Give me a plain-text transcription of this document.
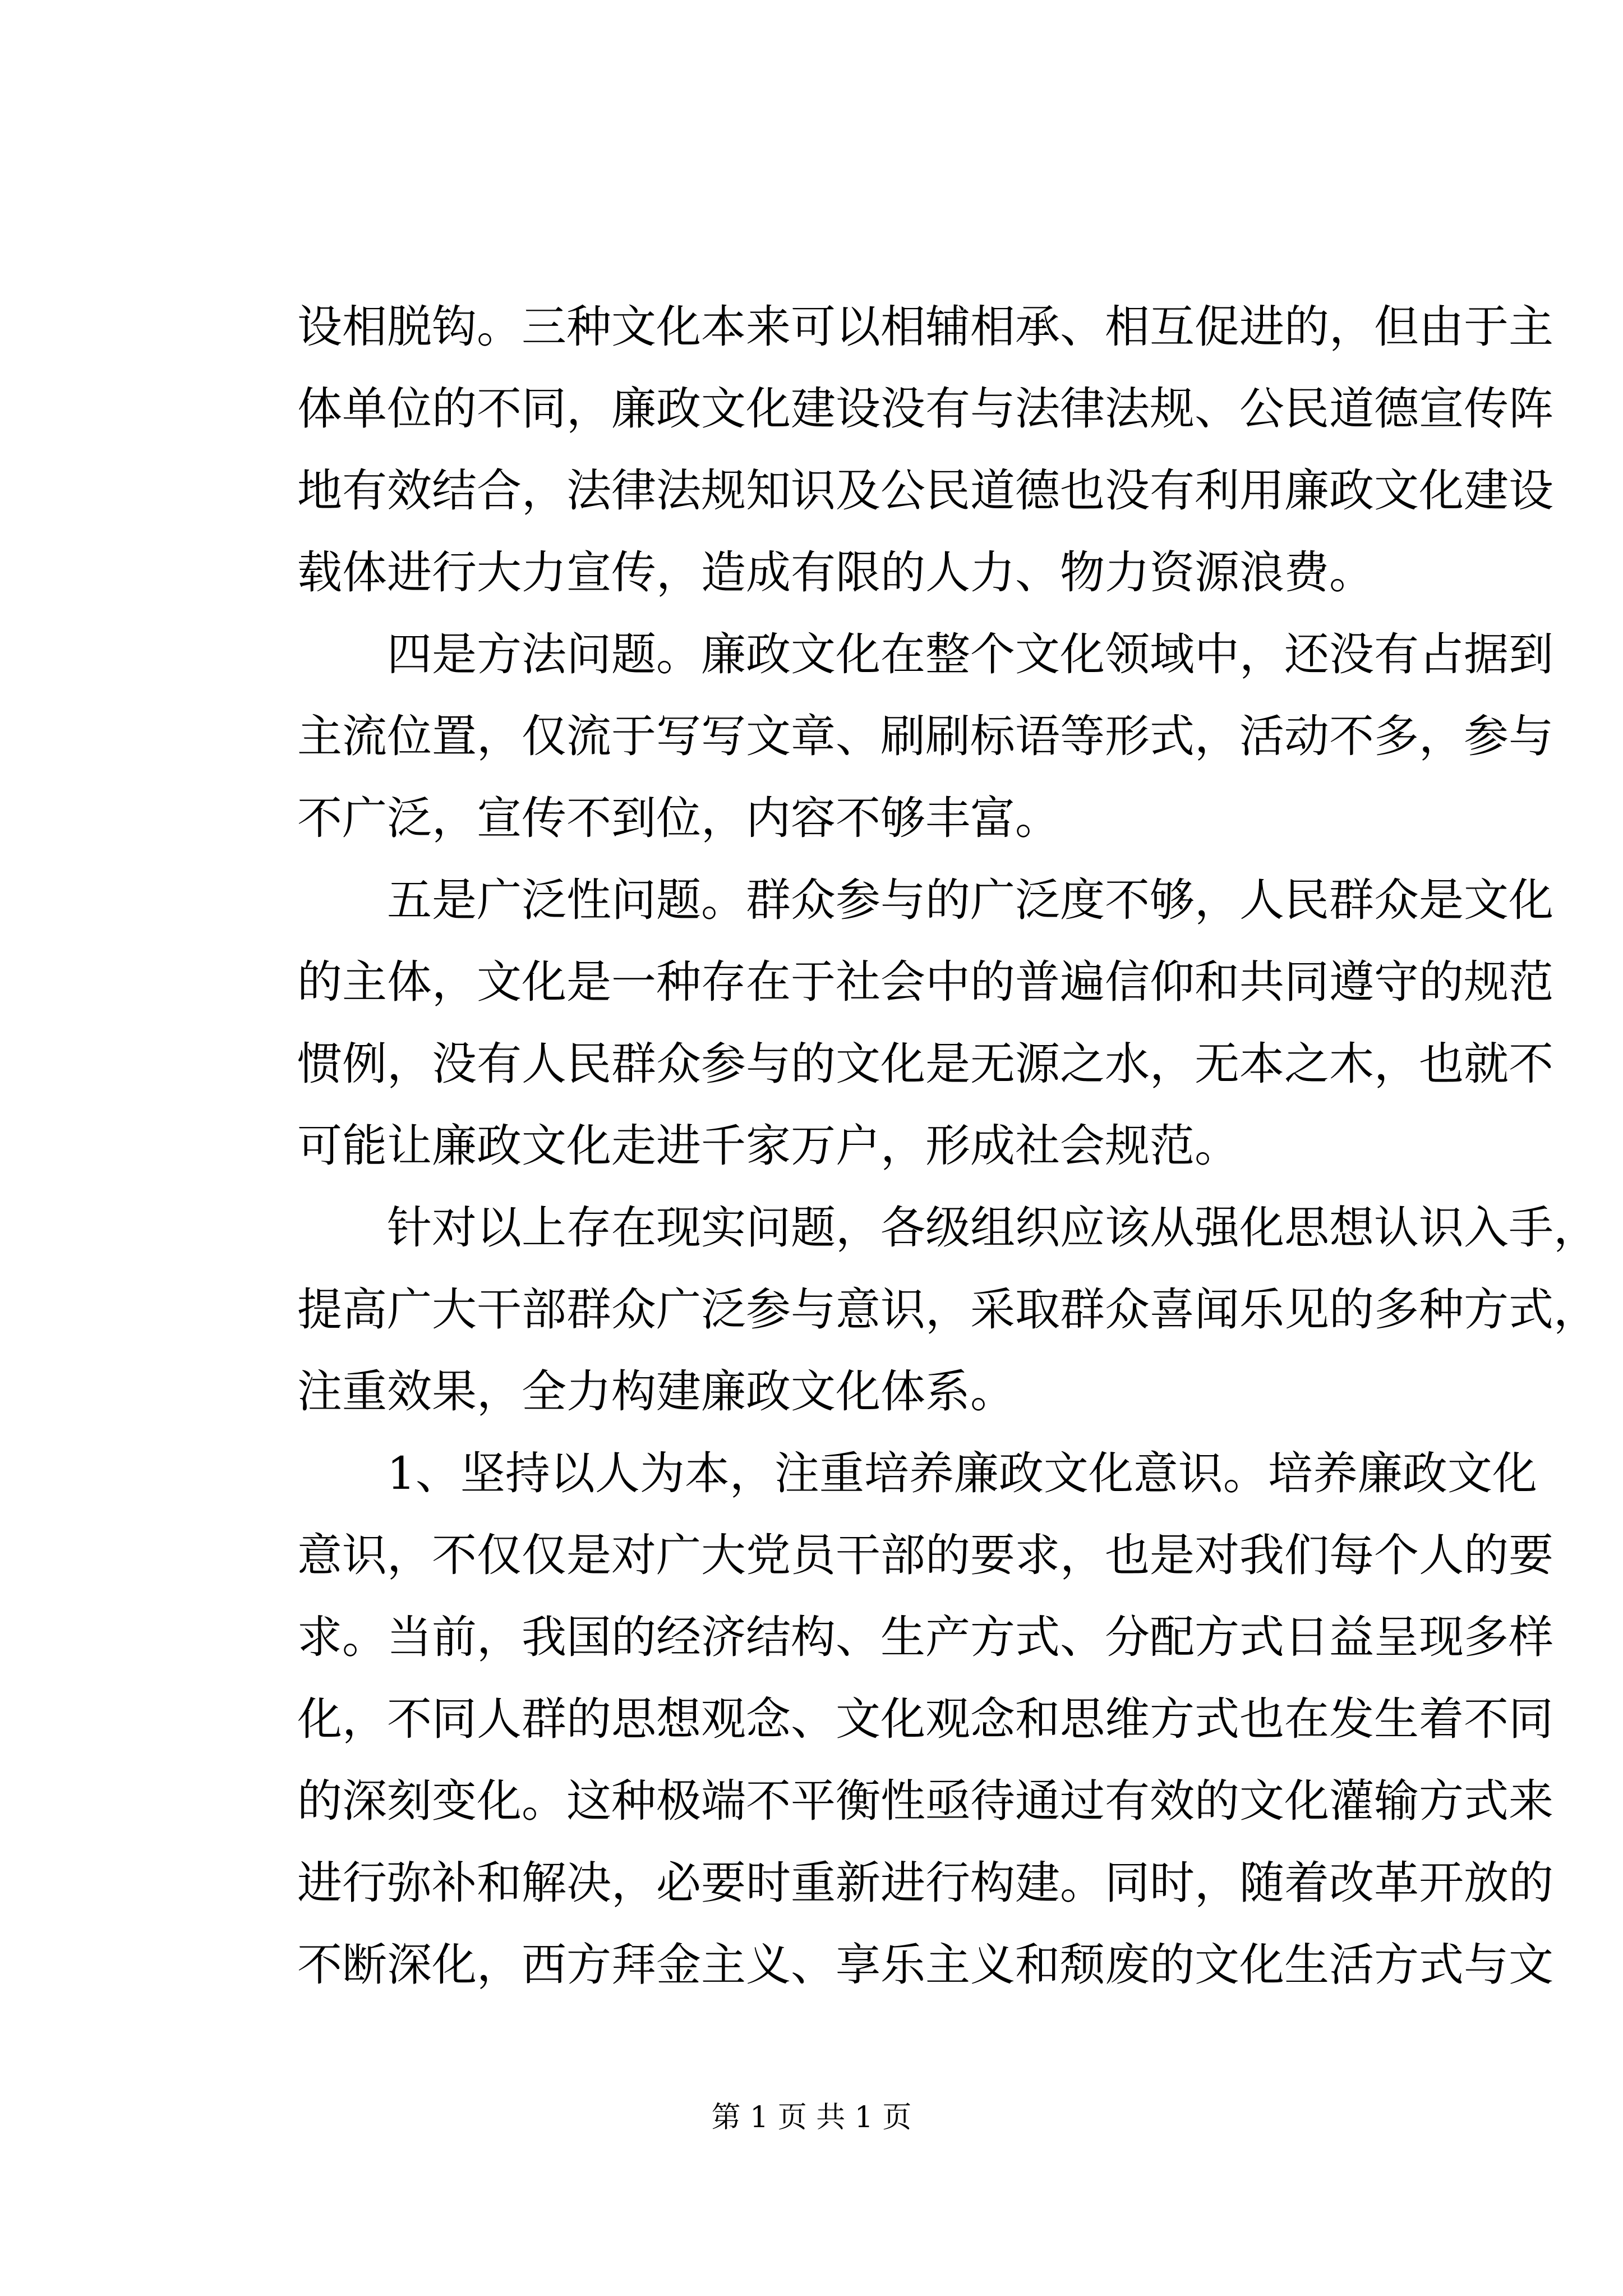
设相脱钩。三种文化本来可以相辅相承、相互促进的，但由于主
体单位的不同，廉政文化建设没有与法律法规、公民道德宣传阵
地有效结合，法律法规知识及公民道德也没有利用廉政文化建设
载体进行大力宣传，造成有限的人力、物力资源浪费。
四是方法问题。廉政文化在整个文化领域中，还没有占据到
主流位置，仅流于写写文章、刷刷标语等形式，活动不多，参与
不广泛，宣传不到位，内容不够丰富。
五是广泛性问题。群众参与的广泛度不够，人民群众是文化
的主体，文化是一种存在于社会中的普遍信仰和共同遵守的规范
惯例，没有人民群众参与的文化是无源之水，无本之木，也就不
可能让廉政文化走进千家万户，形成社会规范。
针对以上存在现实问题，各级组织应该从强化思想认识入手，
提高广大干部群众广泛参与意识，采取群众喜闻乐见的多种方式，
注重效果，全力构建廉政文化体系。
1、坚持以人为本，注重培养廉政文化意识。培养廉政文化
意识，不仅仅是对广大党员干部的要求，也是对我们每个人的要
求。当前，我国的经济结构、生产方式、分配方式日益呈现多样
化，不同人群的思想观念、文化观念和思维方式也在发生着不同
的深刻变化。这种极端不平衡性亟待通过有效的文化灌输方式来
进行弥补和解决，必要时重新进行构建。同时，随着改革开放的
不断深化，西方拜金主义、享乐主义和颓废的文化生活方式与文
第 1 页 共 1 页
